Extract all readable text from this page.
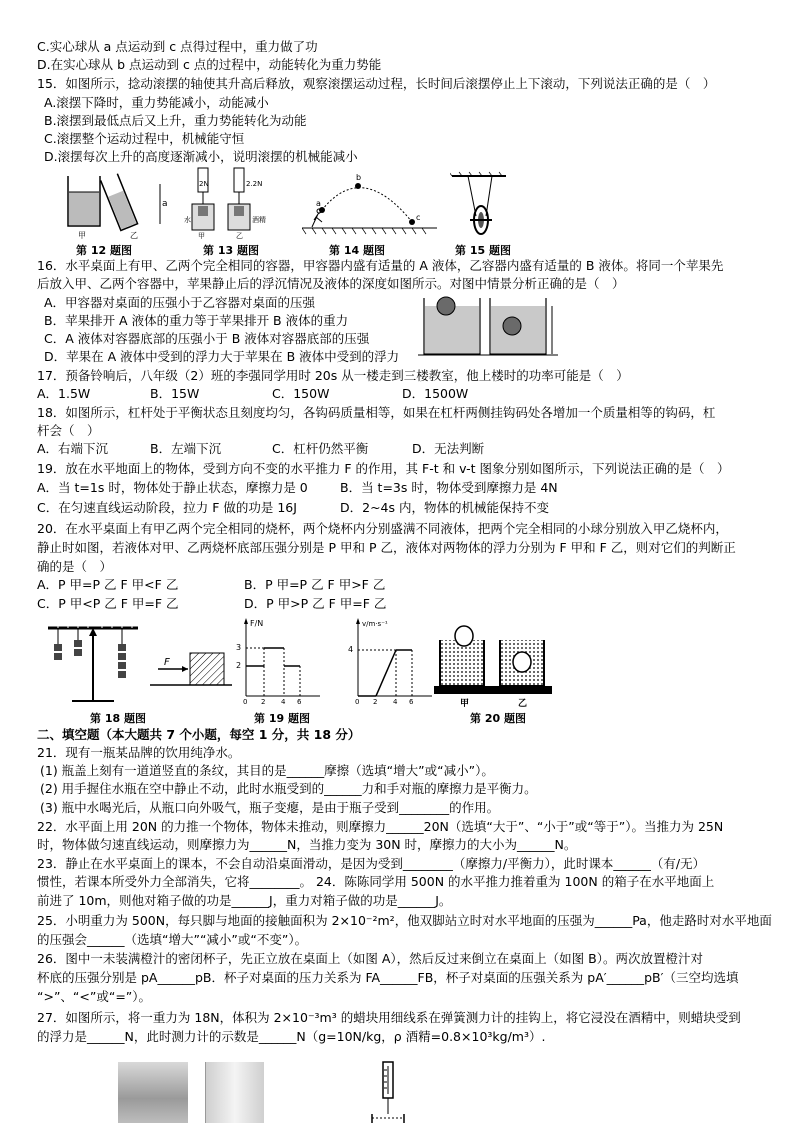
C.实心球从 a 点运动到 c 点得过程中，重力做了功
D.在实心球从 b 点运动到 c 点的过程中，动能转化为重力势能
15．如图所示，捻动滚摆的轴使其升高后释放，观察滚摆运动过程，长时间后滚摆停止上下滚动，下列说法正确的是（　）
A.滚摆下降时，重力势能减小，动能减小
B.滚摆到最低点后又上升，重力势能转化为动能
C.滚摆整个运动过程中，机械能守恒
D.滚摆每次上升的高度逐渐减小，说明滚摆的机械能减小
a
甲	乙
第 12 题图
2N	2.2N
水	酒精
甲	乙
第 13 题图
a
b
c
第 14 题图	第 15 题图
16．水平桌面上有甲、乙两个完全相同的容器，甲容器内盛有适量的 A 液体，乙容器内盛有适量的 B 液体。将同一个苹果先
后放入甲、乙两个容器中，苹果静止后的浮沉情况及液体的深度如图所示。对图中情景分析正确的是（　）
A．甲容器对桌面的压强小于乙容器对桌面的压强
B．苹果排开 A 液体的重力等于苹果排开 B 液体的重力
C．A 液体对容器底部的压强小于 B 液体对容器底部的压强
D．苹果在 A 液体中受到的浮力大于苹果在 B 液体中受到的浮力
17．预备铃响后，八年级（2）班的李强同学用时 20s 从一楼走到三楼教室，他上楼时的功率可能是（　）
A．1.5W	B．15W	C．150W	D．1500W
18．如图所示，杠杆处于平衡状态且刻度均匀，各钩码质量相等，如果在杠杆两侧挂钩码处各增加一个质量相等的钩码，杠
杆会（　）
A．右端下沉	B．左端下沉	C．杠杆仍然平衡	D．无法判断
19．放在水平地面上的物体，受到方向不变的水平推力 F 的作用，其 F-t 和 v-t 图象分别如图所示，下列说法正确的是（　）
A．当 t=1s 时，物体处于静止状态，摩擦力是 0	B．当 t=3s 时，物体受到摩擦力是 4N
C．在匀速直线运动阶段，拉力 F 做的功是 16J	D．2~4s 内，物体的机械能保持不变
20．在水平桌面上有甲乙两个完全相同的烧杯，两个烧杯内分别盛满不同液体，把两个完全相同的小球分别放入甲乙烧杯内，
静止时如图，若液体对甲、乙两烧杯底部压强分别是 P 甲和 P 乙，液体对两物体的浮力分别为 F 甲和 F 乙，则对它们的判断正
确的是（　）
A．P 甲=P 乙 F 甲<F 乙	B．P 甲=P 乙 F 甲>F 乙
C．P 甲<P 乙 F 甲=F 乙	D．P 甲>P 乙 F 甲=F 乙
F
F/N
3
2
0 2 4 6
v/m·s⁻¹
4
0 2 4 6	甲	乙
第 18 题图	第 19 题图	第 20 题图
二、填空题（本大题共 7 个小题，每空 1 分，共 18 分）
21．现有一瓶某品牌的饮用纯净水。
(1) 瓶盖上刻有一道道竖直的条纹，其目的是______摩擦（选填“增大”或“减小”）。
(2) 用手握住水瓶在空中静止不动，此时水瓶受到的______力和手对瓶的摩擦力是平衡力。
(3) 瓶中水喝光后，从瓶口向外吸气，瓶子变瘪，是由于瓶子受到________的作用。
22．水平面上用 20N 的力推一个物体，物体未推动，则摩擦力______20N（选填“大于”、“小于”或“等于”）。当推力为 25N
时，物体做匀速直线运动，则摩擦力为______N，当推力变为 30N 时，摩擦力的大小为______N。
23．静止在水平桌面上的课本，不会自动沿桌面滑动，是因为受到________（摩擦力/平衡力），此时课本______（有/无）
惯性，若课本所受外力全部消失，它将________。 24．陈陈同学用 500N 的水平推力推着重为 100N 的箱子在水平地面上
前进了 10m，则他对箱子做的功是______J，重力对箱子做的功是______J。
25．小明重力为 500N，每只脚与地面的接触面积为 2×10⁻²m²，他双脚站立时对水平地面的压强为______Pa，他走路时对水平地面
的压强会______（选填“增大”“减小”或“不变”）。
26．图中一未装满橙汁的密闭杯子，先正立放在桌面上（如图 A），然后反过来倒立在桌面上（如图 B）。两次放置橙汁对
杯底的压强分别是 pA______pB．杯子对桌面的压力关系为 FA______FB，杯子对桌面的压强关系为 pA′______pB′（三空均选填
“>”、“<”或“=”）。
27．如图所示，将一重力为 18N，体积为 2×10⁻³m³ 的蜡块用细线系在弹簧测力计的挂钩上，将它浸没在酒精中，则蜡块受到
的浮力是______N，此时测力计的示数是______N（g=10N/kg，ρ 酒精=0.8×10³kg/m³）.
